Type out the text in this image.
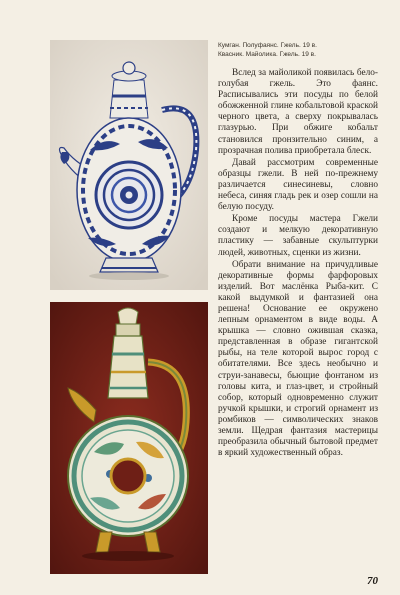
Кумган. Полуфаянс. Гжель. 19 в.
Квасник. Майолика. Гжель. 19 в.

Вслед за майоликой появилась бело-голубая гжель. Это фаянс. Расписывались эти посуды по белой обожженной глине кобальтовой краской черного цвета, а сверху покрывалась глазурью. При обжиге кобальт становился пронзительно синим, а прозрачная поливa приобретала блеск.

Давай рассмотрим современные образцы гжели. В ней по-прежнему различается синесиневы, словно небеса, синяя гладь рек и озер сошли на белую посуду.

Кроме посуды мастера Гжели создают и мелкую декоративную пластику — забавные скульптурки людей, животных, сценки из жизни.

Обрати внимание на причудливые декоративные формы фарфоровых изделий. Вот маслёнка Рыба-кит. С какой выдумкой и фантазией она решена! Основание ее окружено лепным орнаментом в виде воды. А крышка — словно ожившая сказка, представленная в образе гигантской рыбы, на теле которой вырос город с обитателями. Все здесь необычно и струи-занавесы, бьющие фонтаном из головы кита, и глаз-цвет, и стройный собор, который одновременно служит ручкой крышки, и строгий орнамент из ромбиков — символических знаков земли. Щедрая фантазия мастерицы преобразила обычный бытовой предмет в яркий художественный образ.

70
